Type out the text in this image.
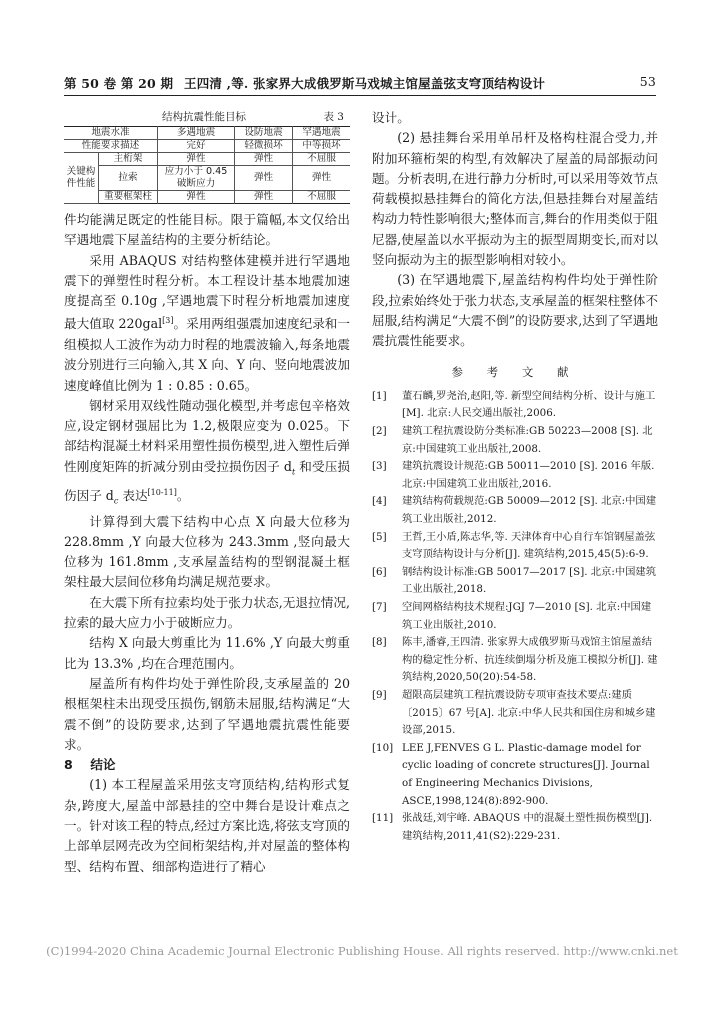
第 50 卷 第 20 期 王四清 ,等. 张家界大成俄罗斯马戏城主馆屋盖弦支穹顶结构设计	53
结构抗震性能目标	表 3
地震水准		多遇地震	设防地震	罕遇地震
性能要求描述		完好	轻微损坏	中等损坏
关键构件性能	主桁架	弹性	弹性	不屈服
	拉索	应力小于 0.45 破断应力	弹性	弹性
	重要框架柱	弹性	弹性	不屈服

件均能满足既定的性能目标。限于篇幅,本文仅给出罕遇地震下屋盖结构的主要分析结论。

采用 ABAQUS 对结构整体建模并进行罕遇地震下的弹塑性时程分析。本工程设计基本地震加速度提高至 0.10g ,罕遇地震下时程分析地震加速度最大值取 220gal[3]。采用两组强震加速度纪录和一组模拟人工波作为动力时程的地震波输入,每条地震波分别进行三向输入,其 X 向、Y 向、竖向地震波加速度峰值比例为 1 : 0.85 : 0.65。

钢材采用双线性随动强化模型,并考虑包辛格效应,设定钢材强屈比为 1.2,极限应变为 0.025。下部结构混凝土材料采用塑性损伤模型,进入塑性后弹性刚度矩阵的折减分别由受拉损伤因子 $d_t$ 和受压损伤因子 $d_c$ 表达[10-11]。

计算得到大震下结构中心点 X 向最大位移为 228.8mm ,Y 向最大位移为 243.3mm ,竖向最大位移为 161.8mm ,支承屋盖结构的型钢混凝土框架柱最大层间位移角均满足规范要求。

在大震下所有拉索均处于张力状态,无退拉情况,拉索的最大应力小于破断应力。

结构 X 向最大剪重比为 11.6% ,Y 向最大剪重比为 13.3% ,均在合理范围内。

屋盖所有构件均处于弹性阶段,支承屋盖的 20 根框架柱未出现受压损伤,钢筋未屈服,结构满足“大震不倒”的设防要求,达到了罕遇地震抗震性能要求。

8 结论

(1) 本工程屋盖采用弦支穹顶结构,结构形式复杂,跨度大,屋盖中部悬挂的空中舞台是设计难点之一。针对该工程的特点,经过方案比选,将弦支穹顶的上部单层网壳改为空间桁架结构,并对屋盖的整体构型、结构布置、细部构造进行了精心

设计。

(2) 悬挂舞台采用单吊杆及格构柱混合受力,并附加环箍桁架的构型,有效解决了屋盖的局部振动问题。分析表明,在进行静力分析时,可以采用等效节点荷载模拟悬挂舞台的简化方法,但悬挂舞台对屋盖结构动力特性影响很大;整体而言,舞台的作用类似于阻尼器,使屋盖以水平振动为主的振型周期变长,而对以竖向振动为主的振型影响相对较小。

(3) 在罕遇地震下,屋盖结构构件均处于弹性阶段,拉索始终处于张力状态,支承屋盖的框架柱整体不屈服,结构满足“大震不倒”的设防要求,达到了罕遇地震抗震性能要求。

参 考 文 献
[1]	董石麟,罗尧治,赵阳,等. 新型空间结构分析、设计与施工[M]. 北京:人民交通出版社,2006.
[2]	建筑工程抗震设防分类标准:GB 50223—2008 [S]. 北京:中国建筑工业出版社,2008.
[3]	建筑抗震设计规范:GB 50011—2010 [S]. 2016 年版. 北京:中国建筑工业出版社,2016.
[4]	建筑结构荷载规范:GB 50009—2012 [S]. 北京:中国建筑工业出版社,2012.
[5]	王哲,王小盾,陈志华,等. 天津体育中心自行车馆钢屋盖弦支穹顶结构设计与分析[J]. 建筑结构,2015,45(5):6-9.
[6]	钢结构设计标准:GB 50017—2017 [S]. 北京:中国建筑工业出版社,2018.
[7]	空间网格结构技术规程:JGJ 7—2010 [S]. 北京:中国建筑工业出版社,2010.
[8]	陈丰,潘睿,王四清. 张家界大成俄罗斯马戏馆主馆屋盖结构的稳定性分析、抗连续倒塌分析及施工模拟分析[J]. 建筑结构,2020,50(20):54-58.
[9]	超限高层建筑工程抗震设防专项审查技术要点:建质〔2015〕67 号[A]. 北京:中华人民共和国住房和城乡建设部,2015.
[10] LEE J,FENVES G L. Plastic-damage model for cyclic loading of concrete structures[J]. Journal of Engineering Mechanics Divisions, ASCE,1998,124(8):892-900.
[11] 张战廷,刘宇峰. ABAQUS 中的混凝土塑性损伤模型[J]. 建筑结构,2011,41(S2):229-231.
(C)1994-2020 China Academic Journal Electronic Publishing House. All rights reserved. http://www.cnki.net
